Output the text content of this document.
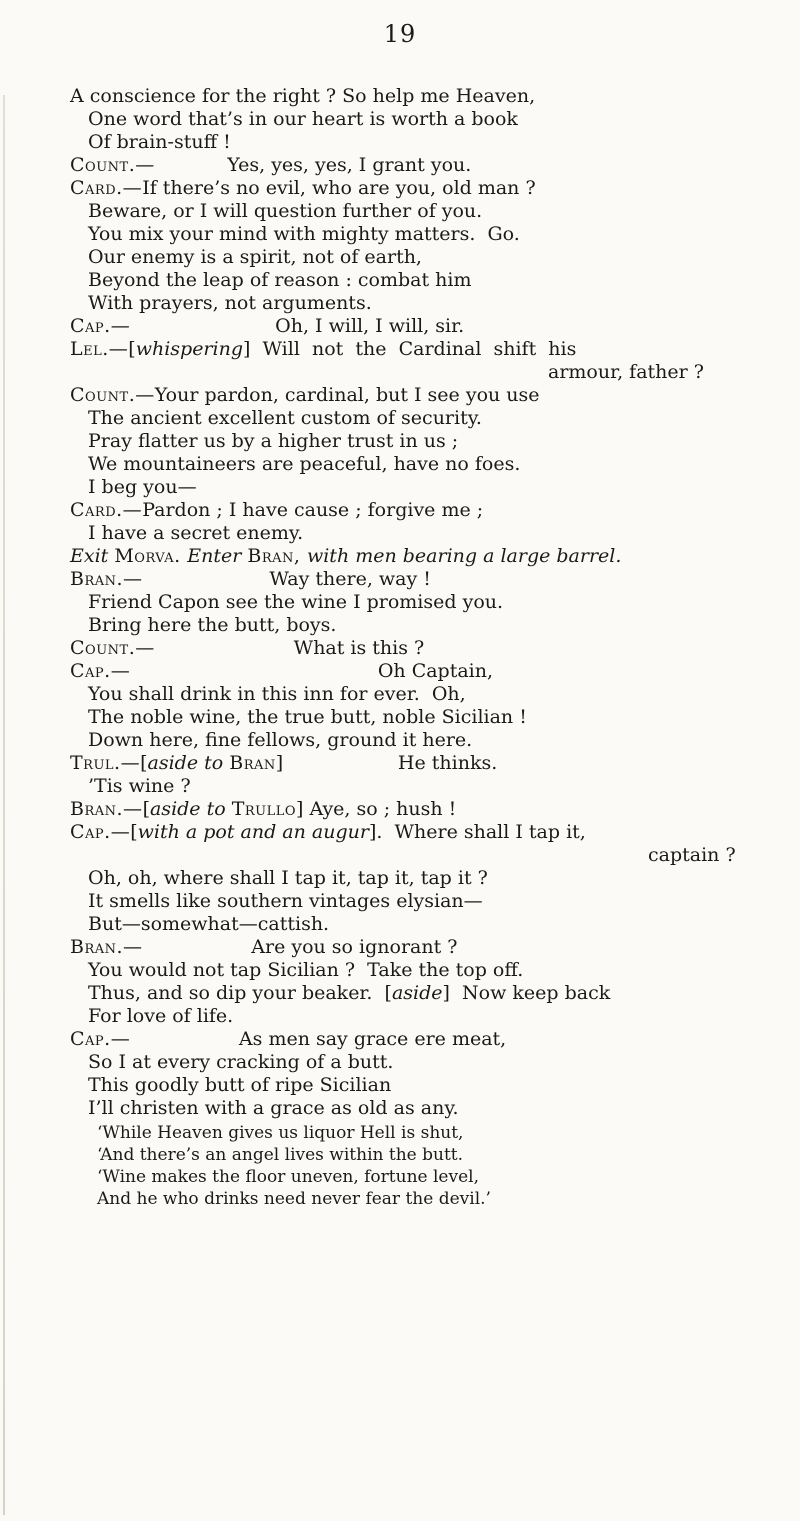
19
A conscience for the right ? So help me Heaven,
One word that’s in our heart is worth a book
Of brain-stuff !
Count.—            Yes, yes, yes, I grant you.
Card.—If there’s no evil, who are you, old man ?
Beware, or I will question further of you.
You mix your mind with mighty matters.  Go.
Our enemy is a spirit, not of earth,
Beyond the leap of reason : combat him
With prayers, not arguments.
Cap.—                        Oh, I will, I will, sir.
Lel.—[whispering]  Will  not  the  Cardinal  shift  his
armour, father ?
Count.—Your pardon, cardinal, but I see you use
The ancient excellent custom of security.
Pray flatter us by a higher trust in us ;
We mountaineers are peaceful, have no foes.
I beg you—
Card.—Pardon ; I have cause ; forgive me ;
I have a secret enemy.
Exit Morva. Enter Bran, with men bearing a large barrel.
Bran.—                     Way there, way !
Friend Capon see the wine I promised you.
Bring here the butt, boys.
Count.—                       What is this ?
Cap.—                                         Oh Captain,
You shall drink in this inn for ever.  Oh,
The noble wine, the true butt, noble Sicilian !
Down here, fine fellows, ground it here.
Trul.—[aside to Bran]                   He thinks.
’Tis wine ?
Bran.—[aside to Trullo] Aye, so ; hush !
Cap.—[with a pot and an augur].  Where shall I tap it,
captain ?
Oh, oh, where shall I tap it, tap it, tap it ?
It smells like southern vintages elysian—
But—somewhat—cattish.
Bran.—                  Are you so ignorant ?
You would not tap Sicilian ?  Take the top off.
Thus, and so dip your beaker.  [aside]  Now keep back
For love of life.
Cap.—                  As men say grace ere meat,
So I at every cracking of a butt.
This goodly butt of ripe Sicilian
I’ll christen with a grace as old as any.
‘While Heaven gives us liquor Hell is shut,
‘And there’s an angel lives within the butt.
‘Wine makes the floor uneven, fortune level,
And he who drinks need never fear the devil.’
